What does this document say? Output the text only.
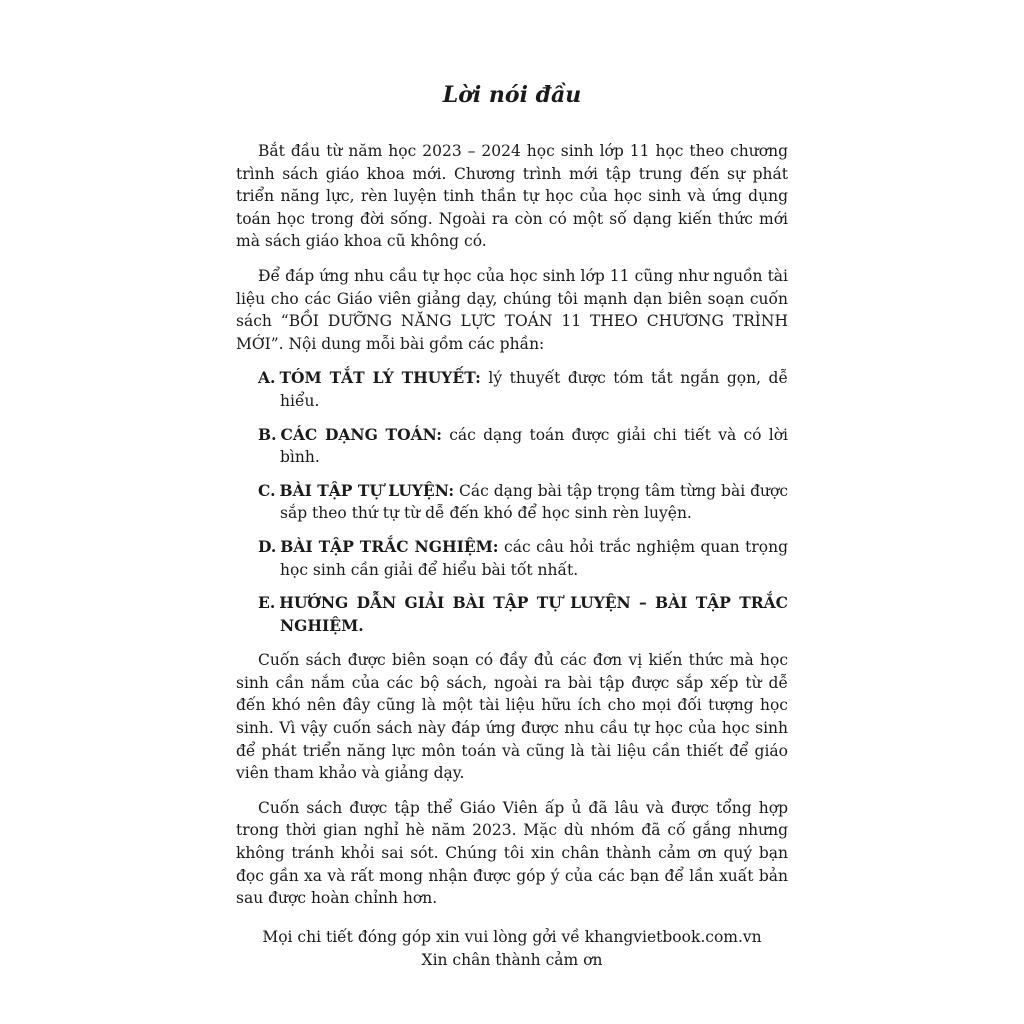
Lời nói đầu

Bắt đầu từ năm học 2023 – 2024 học sinh lớp 11 học theo chương trình sách giáo khoa mới. Chương trình mới tập trung đến sự phát triển năng lực, rèn luyện tinh thần tự học của học sinh và ứng dụng toán học trong đời sống. Ngoài ra còn có một số dạng kiến thức mới mà sách giáo khoa cũ không có.

Để đáp ứng nhu cầu tự học của học sinh lớp 11 cũng như nguồn tài liệu cho các Giáo viên giảng dạy, chúng tôi mạnh dạn biên soạn cuốn sách “BỒI DƯỠNG NĂNG LỰC TOÁN 11 THEO CHƯƠNG TRÌNH MỚI”. Nội dung mỗi bài gồm các phần:

A. TÓM TẮT LÝ THUYẾT: lý thuyết được tóm tắt ngắn gọn, dễ hiểu.
B. CÁC DẠNG TOÁN: các dạng toán được giải chi tiết và có lời bình.
C. BÀI TẬP TỰ LUYỆN: Các dạng bài tập trọng tâm từng bài được sắp theo thứ tự từ dễ đến khó để học sinh rèn luyện.
D. BÀI TẬP TRẮC NGHIỆM: các câu hỏi trắc nghiệm quan trọng học sinh cần giải để hiểu bài tốt nhất.
E. HƯỚNG DẪN GIẢI BÀI TẬP TỰ LUYỆN – BÀI TẬP TRẮC NGHIỆM.

Cuốn sách được biên soạn có đầy đủ các đơn vị kiến thức mà học sinh cần nắm của các bộ sách, ngoài ra bài tập được sắp xếp từ dễ đến khó nên đây cũng là một tài liệu hữu ích cho mọi đối tượng học sinh. Vì vậy cuốn sách này đáp ứng được nhu cầu tự học của học sinh để phát triển năng lực môn toán và cũng là tài liệu cần thiết để giáo viên tham khảo và giảng dạy.

Cuốn sách được tập thể Giáo Viên ấp ủ đã lâu và được tổng hợp trong thời gian nghỉ hè năm 2023. Mặc dù nhóm đã cố gắng nhưng không tránh khỏi sai sót. Chúng tôi xin chân thành cảm ơn quý bạn đọc gần xa và rất mong nhận được góp ý của các bạn để lần xuất bản sau được hoàn chỉnh hơn.

Mọi chi tiết đóng góp xin vui lòng gởi về khangvietbook.com.vn
Xin chân thành cảm ơn
